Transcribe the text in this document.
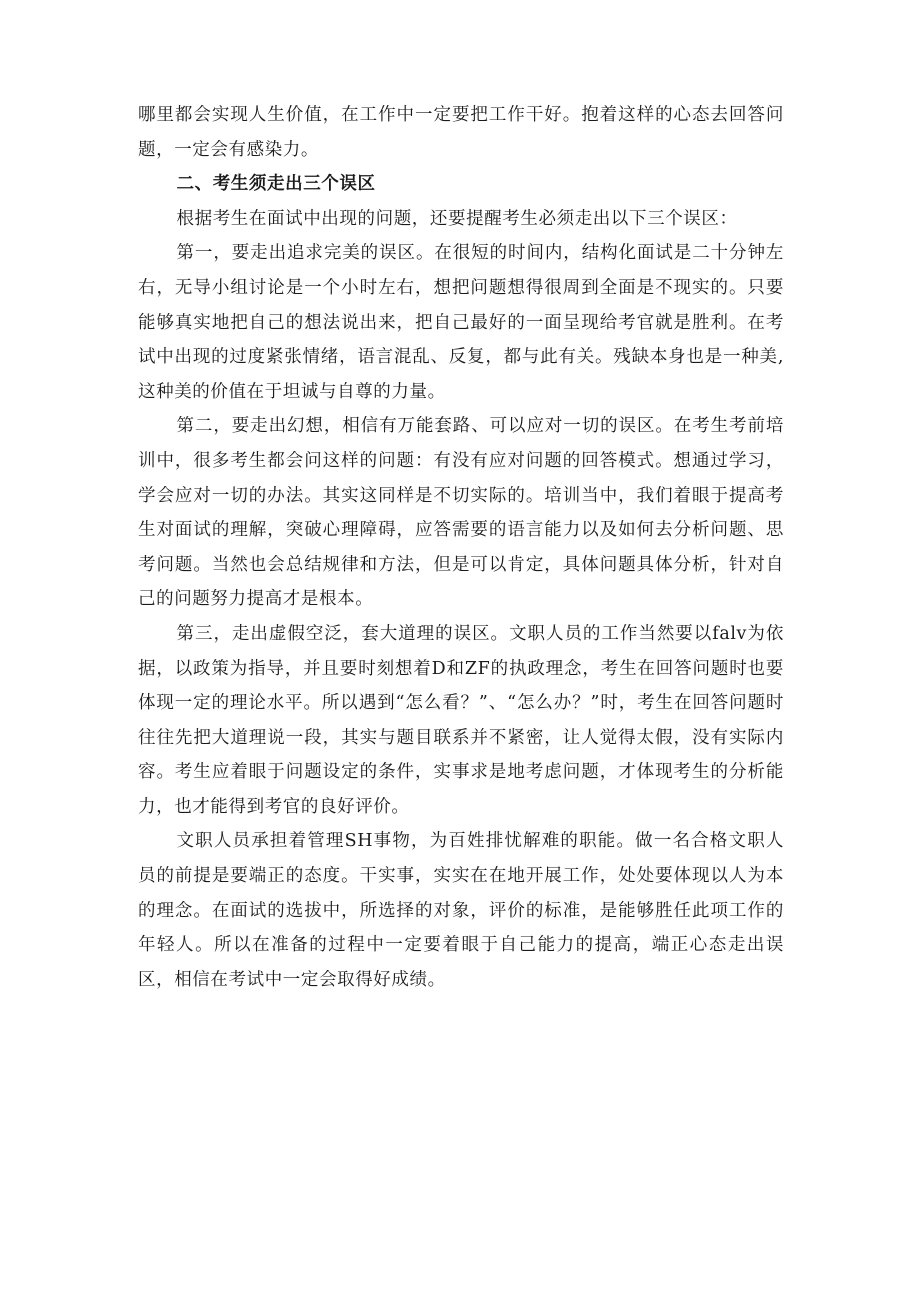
哪里都会实现人生价值，在工作中一定要把工作干好。抱着这样的心态去回答问题，一定会有感染力。

二、考生须走出三个误区

根据考生在面试中出现的问题，还要提醒考生必须走出以下三个误区：

第一，要走出追求完美的误区。在很短的时间内，结构化面试是二十分钟左右，无导小组讨论是一个小时左右，想把问题想得很周到全面是不现实的。只要能够真实地把自己的想法说出来，把自己最好的一面呈现给考官就是胜利。在考试中出现的过度紧张情绪，语言混乱、反复，都与此有关。残缺本身也是一种美,这种美的价值在于坦诚与自尊的力量。

第二，要走出幻想，相信有万能套路、可以应对一切的误区。在考生考前培训中，很多考生都会问这样的问题：有没有应对问题的回答模式。想通过学习，学会应对一切的办法。其实这同样是不切实际的。培训当中，我们着眼于提高考生对面试的理解，突破心理障碍，应答需要的语言能力以及如何去分析问题、思考问题。当然也会总结规律和方法，但是可以肯定，具体问题具体分析，针对自己的问题努力提高才是根本。

第三，走出虚假空泛，套大道理的误区。文职人员的工作当然要以falv为依据，以政策为指导，并且要时刻想着D和ZF的执政理念，考生在回答问题时也要体现一定的理论水平。所以遇到“怎么看？”、“怎么办？”时，考生在回答问题时往往先把大道理说一段，其实与题目联系并不紧密，让人觉得太假，没有实际内容。考生应着眼于问题设定的条件，实事求是地考虑问题，才体现考生的分析能力，也才能得到考官的良好评价。

文职人员承担着管理SH事物，为百姓排忧解难的职能。做一名合格文职人员的前提是要端正的态度。干实事，实实在在地开展工作，处处要体现以人为本的理念。在面试的选拔中，所选择的对象，评价的标准，是能够胜任此项工作的年轻人。所以在准备的过程中一定要着眼于自己能力的提高，端正心态走出误区，相信在考试中一定会取得好成绩。
